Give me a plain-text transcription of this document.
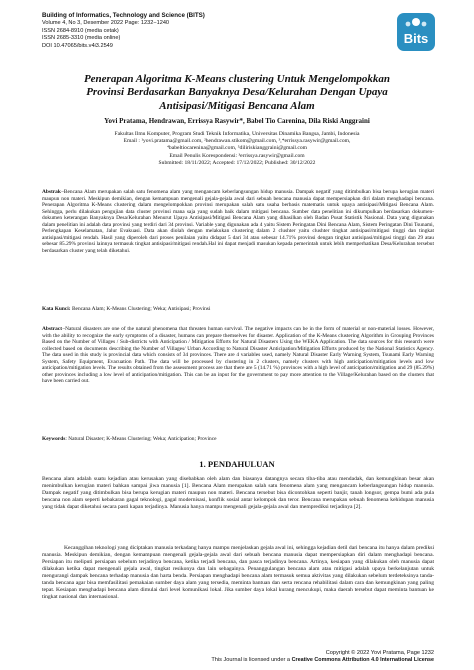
Building of Informatics, Technology and Science (BITS)
Volume 4, No 3, Desember 2022 Page: 1232−1240
ISSN 2684-8910 (media cetak)
ISSN 2685-3310 (media online)
DOI 10.47065/bits.v4i3.2549	Bits
Penerapan Algoritma K-Means clustering Untuk Mengelompokkan
Provinsi Berdasarkan Banyaknya Desa/Kelurahan Dengan Upaya
Antisipasi/Mitigasi Bencana Alam
Yovi Pratama, Hendrawan, Errissya Rasywir*, Babel Tio Carenina, Dila Riski Anggraini
Fakultas Ilmu Komputer, Program Studi Teknik Informatika, Universitas Dinamika Bangsa, Jambi, Indonesia
Email : ¹yovi.pratama@gmail.com, ²hendrawan.stikom@gmail.com, ³,*errissya.rasywir@gmail.com,
⁴babeltiocarenina@gmail.com, ⁵diliriskianggraini@gmail.com
Email Penulis Korespondensi: ³errissya.rasywir@gmail.com
Submitted: 18/11/2022; Accepted: 17/12/2022; Published: 30/12/2022
Abstrak−Bencana Alam merupakan salah satu fenomena alam yang mengancam keberlangsungan hidup manusia. Dampak negatif yang ditimbulkan bisa berupa kerugian materi maupun non materi. Meskipun demikian, dengan kemampuan mengenali gejala-gejala awal dari sebuah bencana manusia dapat mempersiapkan diri dalam menghadapi bencana. Penerapan Algoritma K-Means clustering dalam mengelompokkan provinsi merupakan salah satu usaha berbasis matematis untuk upaya antisipasi/Mitigasi Bencana Alam. Sehingga, perlu dilakukan pengujian data cluster provinsi mana saja yang sudah baik dalam mitigasi bencana. Sumber data penelitian ini dikumpulkan berdasarkan dokumen-dokumen keterangan Banyaknya Desa/Kelurahan Menurut Upaya Antisipasi/Mitigasi Bencana Alam yang dihasilkan oleh Badan Pusat Statistik Nasional. Data yang digunakan dalam penelitian ini adalah data provinsi yang terdiri dari 34 provinsi. Variable yang digunakan ada 4 yaitu Sistem Peringatan Dini Bencana Alam, Sistem Peringatan Dini Tsunami, Perlengkapan Keselamatan, Jalur Evakuasi. Data akan diolah dengan melakukan clustering dalam 2 clushter yaitu clushter tingkat antisipasi/mitigasi tinggi dan tingkat antisipasi/mitigasi rendah. Hasil yang diperoleh dari proses penilaian yaitu didapat 5 dari 34 atau sebesar 14.71% provinsi dengan tingkat antisipasi/mitigasi tinggi dan 29 atau sebesar 85.29% provinsi lainnya termasuk tingkat antisipasi/mitigasi rendah.Hal ini dapat menjadi masukan kepada pemerintah untuk lebih memperhatikan Desa/Kelurahan tersebut berdasarkan cluster yang telah diketahui.
Kata Kunci: Bencana Alam; K-Means Clustering; Weka; Antisipasi; Provinsi
Abstract−Natural disasters are one of the natural phenomena that threaten human survival. The negative impacts can be in the form of material or non-material losses. However, with the ability to recognize the early symptoms of a disaster, humans can prepare themselves for disaster. Application of the K-Means clustering Algorithm in Grouping Provinces Based on the Number of Villages / Sub-districts with Anticipation / Mitigation Efforts for Natural Disasters Using the WEKA Application. The data sources for this research were collected based on documents describing the Number of Villages/ Urban According to Natural Disaster Anticipation/Mitigation Efforts produced by the National Statistics Agency. The data used in this study is provincial data which consists of 34 provinces. There are 4 variables used, namely Natural Disaster Early Warning System, Tsunami Early Warning System, Safety Equipment, Evacuation Path. The data will be processed by clustering in 2 clusters, namely clusters with high anticipation/mitigation levels and low anticipation/mitigation levels. The results obtained from the assessment process are that there are 5 (14.71 %) provinces with a high level of anticipation/mitigation and 29 (85.29%) other provinces including a low level of anticipation/mitigation. This can be an input for the government to pay more attention to the Village/Kelurahan based on the clusters that have been carried out.
Keywords: Natural Disaster; K-Means Clustering; Weka; Anticipation; Province
1. PENDAHULUAN
Bencana alam adalah suatu kejadian atau kerusakan yang disebabkan oleh alam dan biasanya datangnya secara tiba-tiba atau mendadak, dan kemungkinan besar akan menimbulkan kerugian materi bahkan sampai jiwa manusia [1]. Bencana Alam merupakan salah satu fenomena alam yang mengancam keberlangsungan hidup manusia. Dampak negatif yang ditimbulkan bisa berupa kerugian materi maupun non materi. Bencana tersebut bisa dicontohkan seperti banjir, tanah longsor, gempa bumi ada pula bencana non alam seperti kebakaran gagal teknologi, gagal modernisasi, konflik sosial antar kelompok dan teror. Bencana merupakan sebuah fenomena kehidupan manusia yang tidak dapat diketahui secara pasti kapan terjadinya. Manusia hanya mampu mengenali gejala-gejala awal dan memprediksi terjadinya [2].
Kecanggihan teknologi yang diciptakan manusia terkadang hanya mampu menjelaskan gejala awal ini, sehingga kejadian detil dari bencana itu hanya dalam prediksi manusia. Meskipun demikian, dengan kemampuan mengenali gejala-gejala awal dari sebuah bencana manusia dapat mempersiapkan diri dalam menghadapi bencana. Persiapan itu meliputi persiapan sebelum terjadinya bencana, ketika terjadi bencana, dan pasca terjadinya bencana. Artinya, kesiapan yang dilakukan oleh manusia dapat dilakukan ketika dapat mengenali gejala awal, tingkat resikonya dan lain sebagainya. Penanggulangan bencana alam atau mitigasi adalah upaya berkelanjutan untuk mengurangi dampak bencana terhadap manusia dan harta benda. Persiapan menghadapi bencana alam termasuk semua aktivitas yang dilakukan sebelum terdeteksinya tanda-tanda bencana agar bisa memfasilitasi pemakaian sumber daya alam yang tersedia, meminta bantuan dan serta rencana rehabilitasi dalam cara dan kemungkinan yang paling tepat. Kesiapan menghadapi bencana alam dimulai dari level komunikasi lokal. Jika sumber daya lokal kurang mencukupi, maka daerah tersebut dapat meminta bantuan ke tingkat nasional dan internasional.
Copyright © 2022 Yovi Pratama, Page 1232
This Journal is licensed under a Creative Commons Attribution 4.0 International License
